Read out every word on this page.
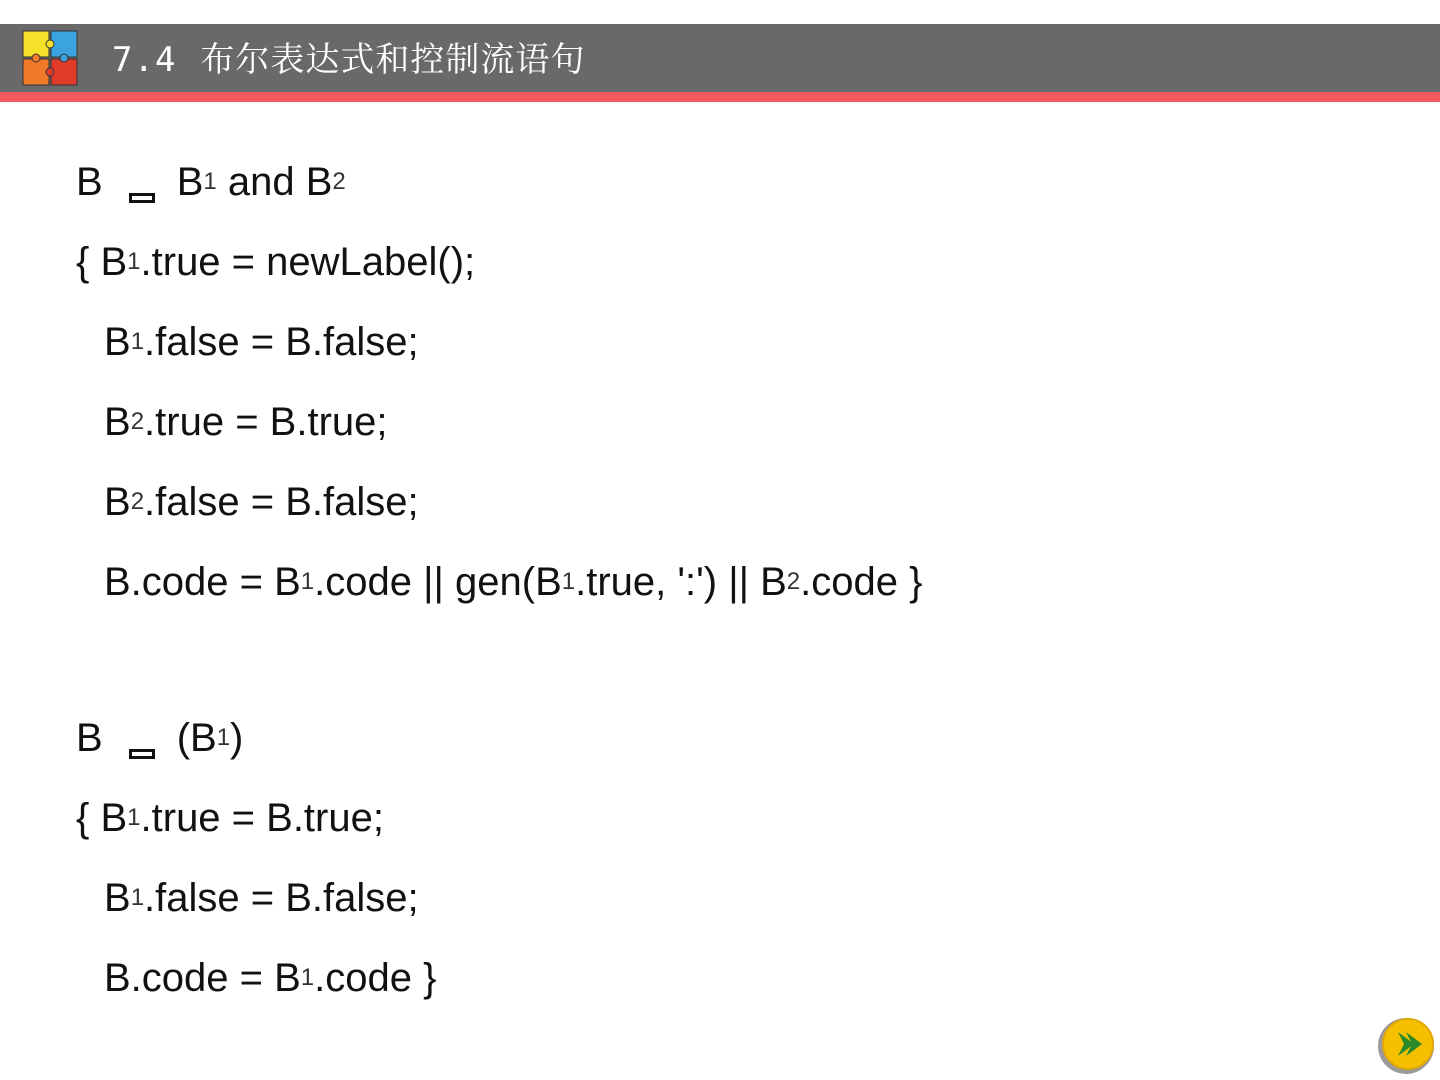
7.4 布尔表达式和控制流语句
B B 1 and B 2
{ B 1 .true = newLabel();
B 1 .false = B.false;
B 2 .true = B.true;
B 2 .false = B.false;
B.code = B 1 .code || gen(B 1 .true, ':') || B 2 .code }
B (B 1 )
{ B 1 .true = B.true;
B 1 .false = B.false;
B.code = B 1 .code }
